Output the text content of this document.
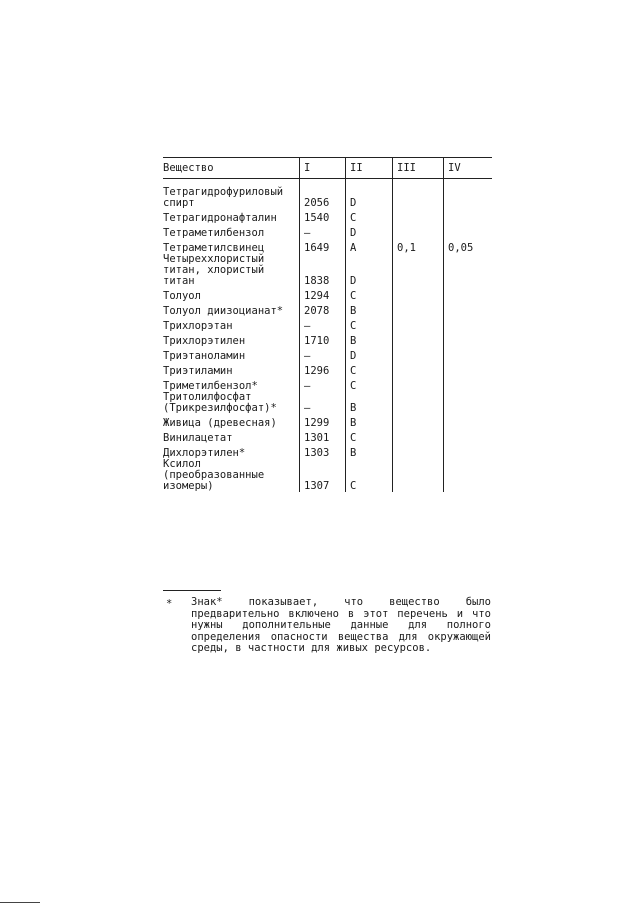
Вещество	I	II	III	IV
Тетрагидрофуриловый спирт	2056	D		
Тетрагидронафталин	1540	C		
Тетраметилбензол	–	D		
Тетраметилсвинец	1649	A	0,1	0,05
Четыреххлористый титан, хлористый титан	1838	D		
Толуол	1294	C		
Толуол диизоцианат*	2078	B		
Трихлорэтан	–	C		
Трихлорэтилен	1710	B		
Триэтаноламин	–	D		
Триэтиламин	1296	C		
Триметилбензол*	–	C		
Тритолилфосфат (Трикрезилфосфат)*	–	B		
Живица (древесная)	1299	B		
Винилацетат	1301	C		
Дихлорэтилен*	1303	B		
Ксилол (преобразованные изомеры)	1307	C		
* Знак* показывает, что вещество было предварительно включено в этот перечень и что нужны дополнительные данные для полного определения опасности вещества для окружающей среды, в частности для живых ресурсов.
